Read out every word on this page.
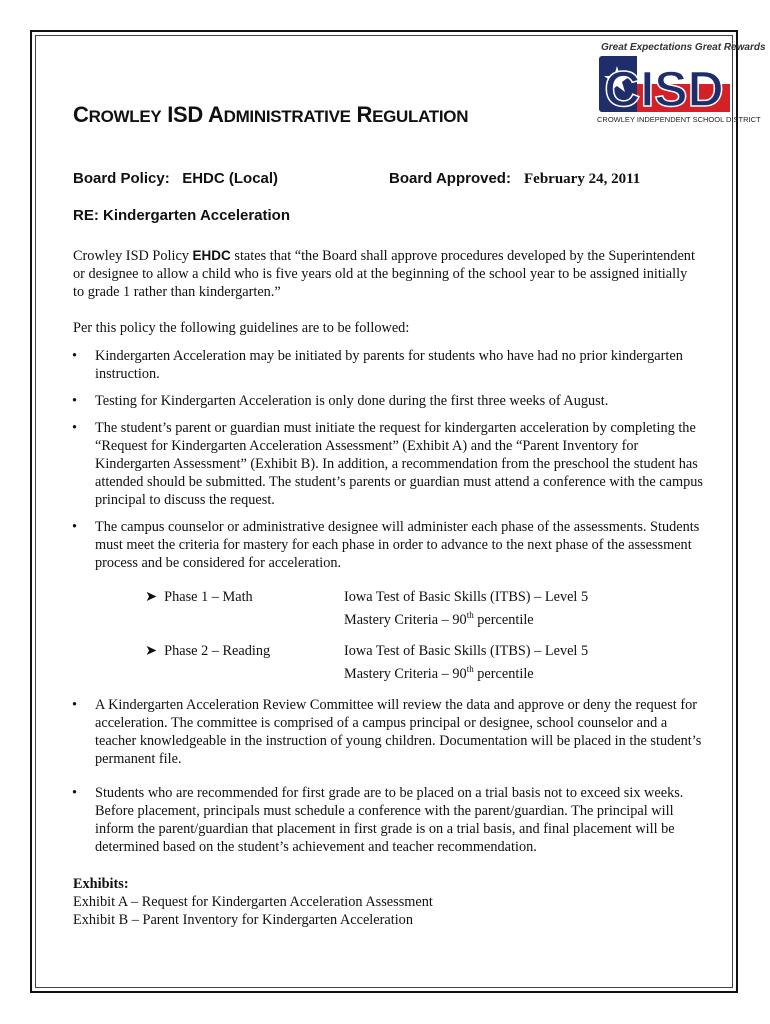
Great Expectations Great Rewards
CISD
CROWLEY INDEPENDENT SCHOOL DISTRICT
CROWLEY ISD ADMINISTRATIVE REGULATION
Board Policy: EHDC (Local)	Board Approved: February 24, 2011
RE: Kindergarten Acceleration
Crowley ISD Policy EHDC states that “the Board shall approve procedures developed by the Superintendent or designee to allow a child who is five years old at the beginning of the school year to be assigned initially to grade 1 rather than kindergarten.”
Per this policy the following guidelines are to be followed:
• Kindergarten Acceleration may be initiated by parents for students who have had no prior kindergarten instruction.
• Testing for Kindergarten Acceleration is only done during the first three weeks of August.
• The student’s parent or guardian must initiate the request for kindergarten acceleration by completing the “Request for Kindergarten Acceleration Assessment” (Exhibit A) and the “Parent Inventory for Kindergarten Assessment” (Exhibit B). In addition, a recommendation from the preschool the student has attended should be submitted. The student’s parents or guardian must attend a conference with the campus principal to discuss the request.
• The campus counselor or administrative designee will administer each phase of the assessments. Students must meet the criteria for mastery for each phase in order to advance to the next phase of the assessment process and be considered for acceleration.
• A Kindergarten Acceleration Review Committee will review the data and approve or deny the request for acceleration. The committee is comprised of a campus principal or designee, school counselor and a teacher knowledgeable in the instruction of young children. Documentation will be placed in the student’s permanent file.
• Students who are recommended for first grade are to be placed on a trial basis not to exceed six weeks. Before placement, principals must schedule a conference with the parent/guardian. The principal will inform the parent/guardian that placement in first grade is on a trial basis, and final placement will be determined based on the student’s achievement and teacher recommendation.
➤ Phase 1 – Math	Iowa Test of Basic Skills (ITBS) – Level 5
Mastery Criteria – 90th percentile
➤ Phase 2 – Reading	Iowa Test of Basic Skills (ITBS) – Level 5
Mastery Criteria – 90th percentile
Exhibits:
Exhibit A – Request for Kindergarten Acceleration Assessment
Exhibit B – Parent Inventory for Kindergarten Acceleration
